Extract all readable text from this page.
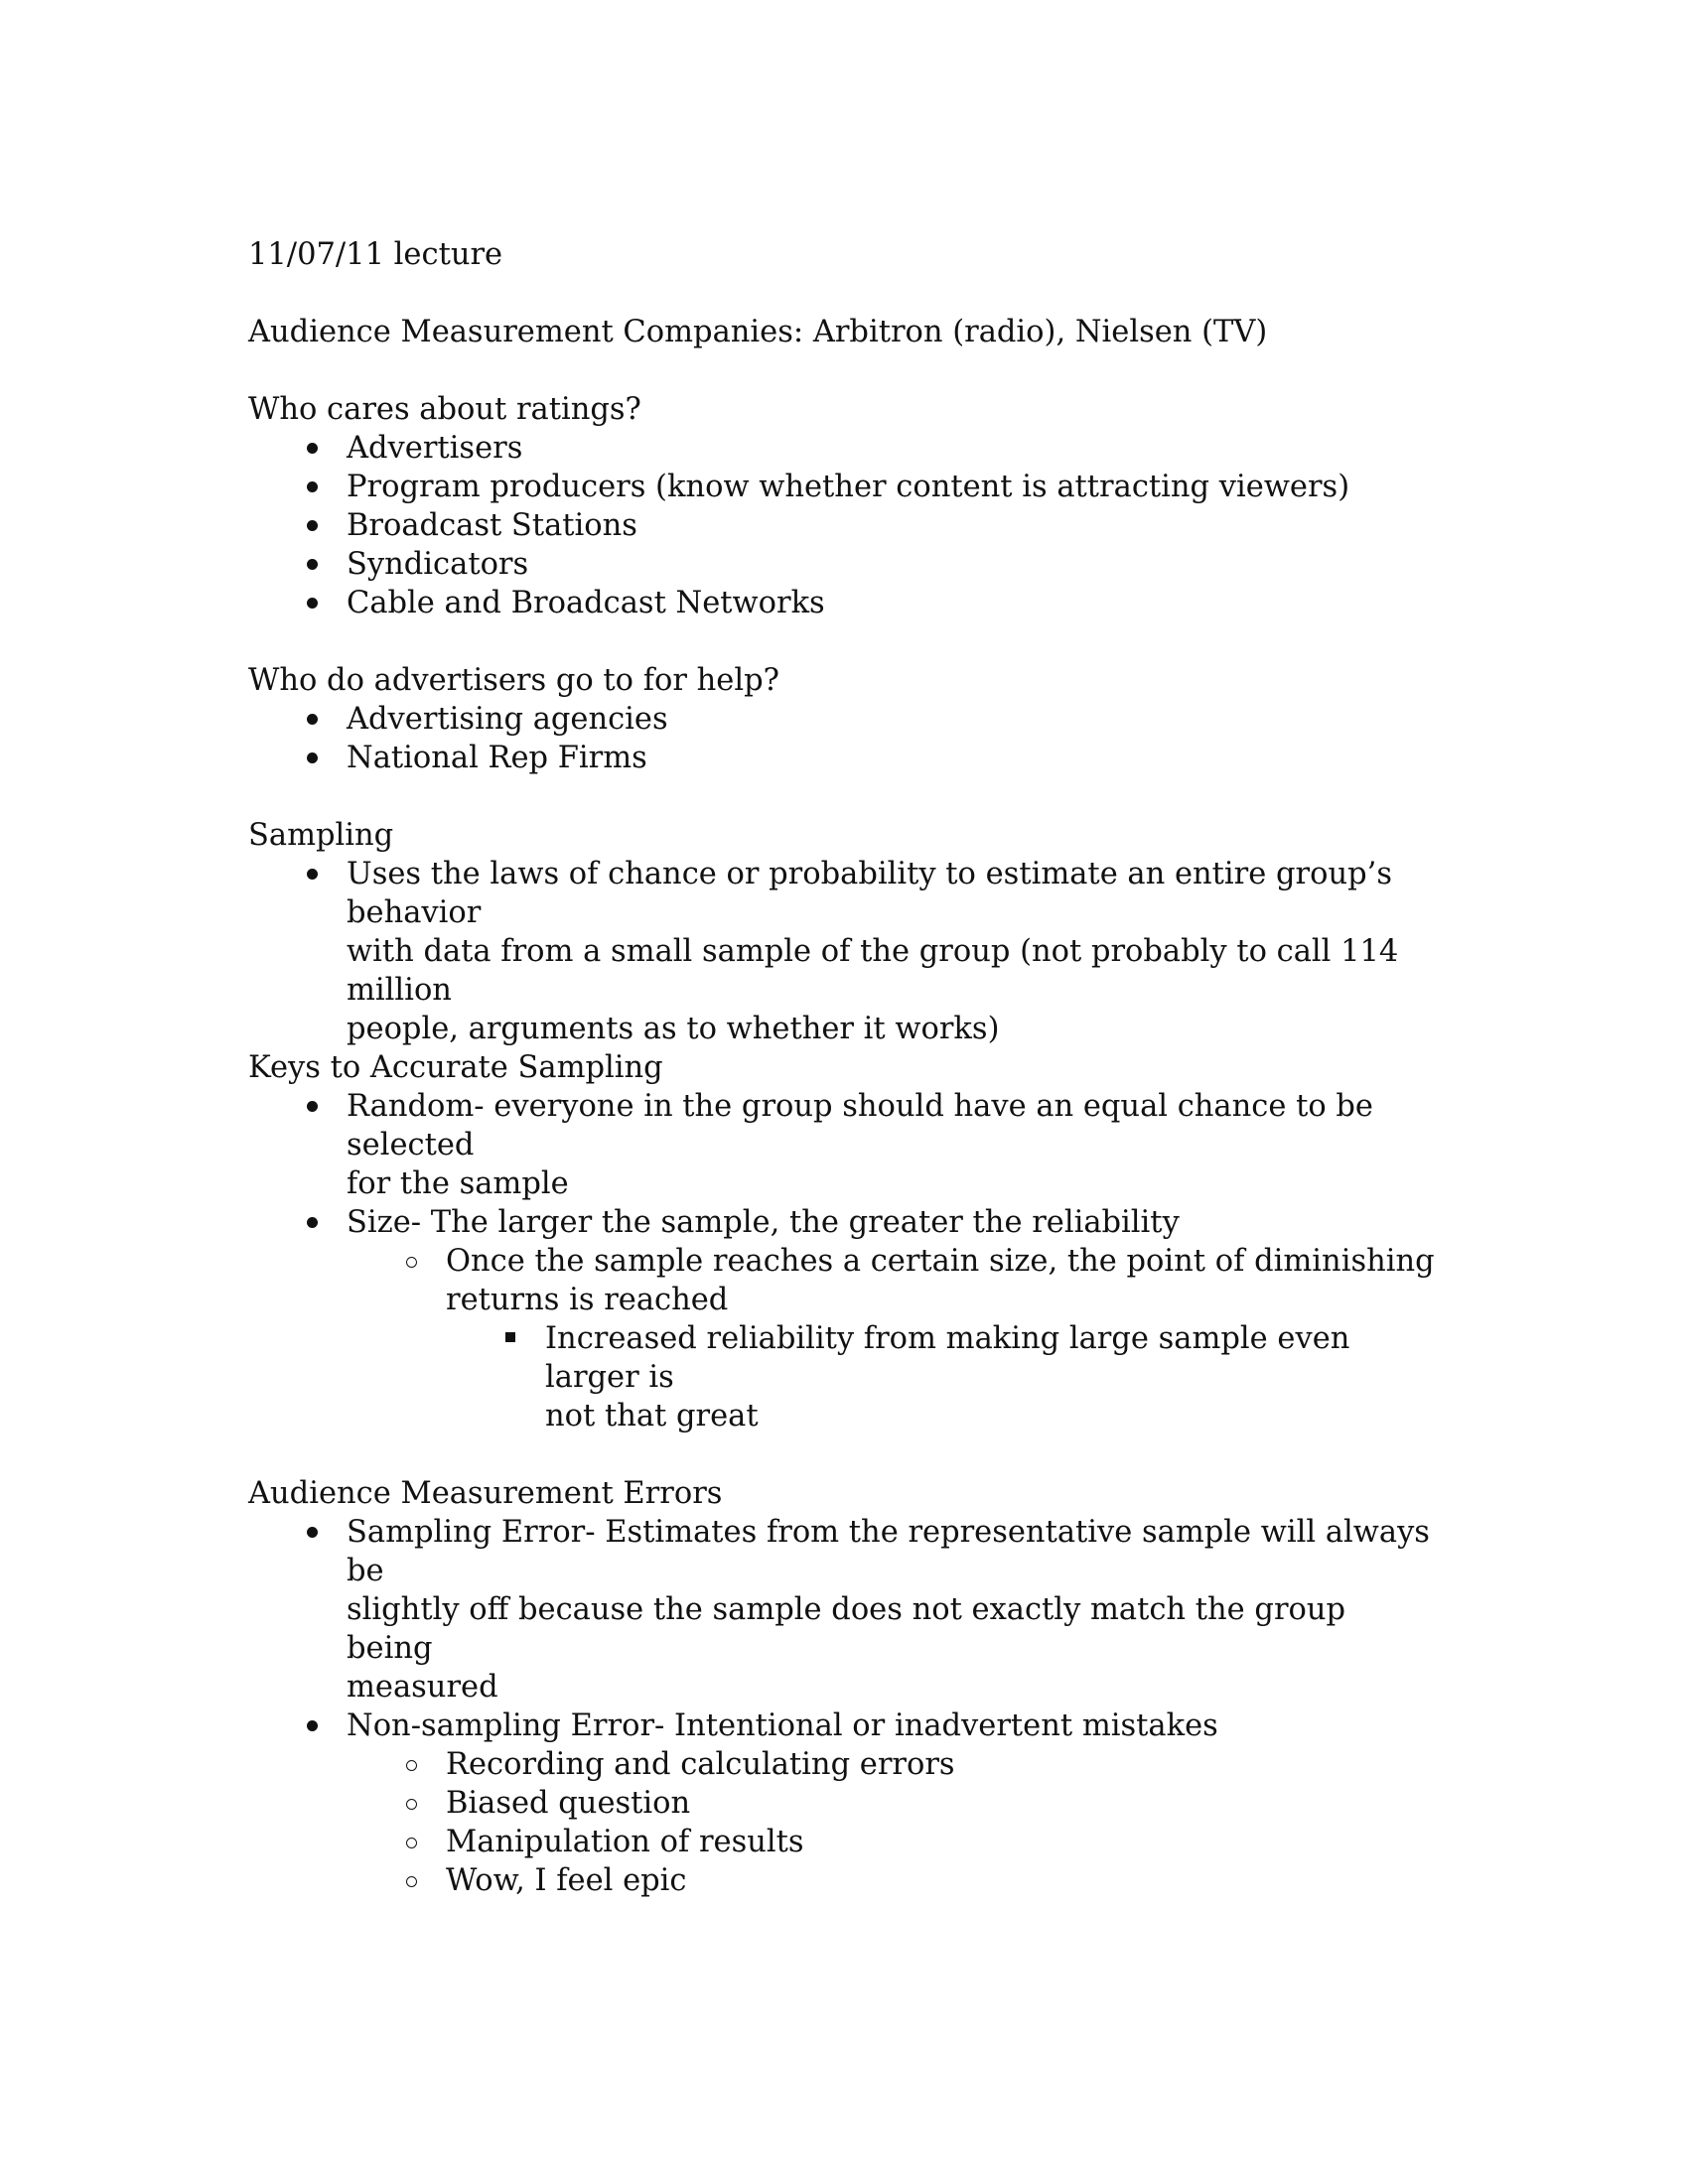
11/07/11 lecture

Audience Measurement Companies: Arbitron (radio), Nielsen (TV)

Who cares about ratings?

Advertisers
Program producers (know whether content is attracting viewers)
Broadcast Stations
Syndicators
Cable and Broadcast Networks

Who do advertisers go to for help?

Advertising agencies
National Rep Firms

Sampling

Uses the laws of chance or probability to estimate an entire group’s behavior
with data from a small sample of the group (not probably to call 114 million
people, arguments as to whether it works)

Keys to Accurate Sampling

Random- everyone in the group should have an equal chance to be selected
for the sample
Size- The larger the sample, the greater the reliability
Once the sample reaches a certain size, the point of diminishing
returns is reached
Increased reliability from making large sample even larger is
not that great

Audience Measurement Errors

Sampling Error- Estimates from the representative sample will always be
slightly off because the sample does not exactly match the group being
measured
Non-sampling Error- Intentional or inadvertent mistakes
Recording and calculating errors
Biased question
Manipulation of results
Wow, I feel epic
